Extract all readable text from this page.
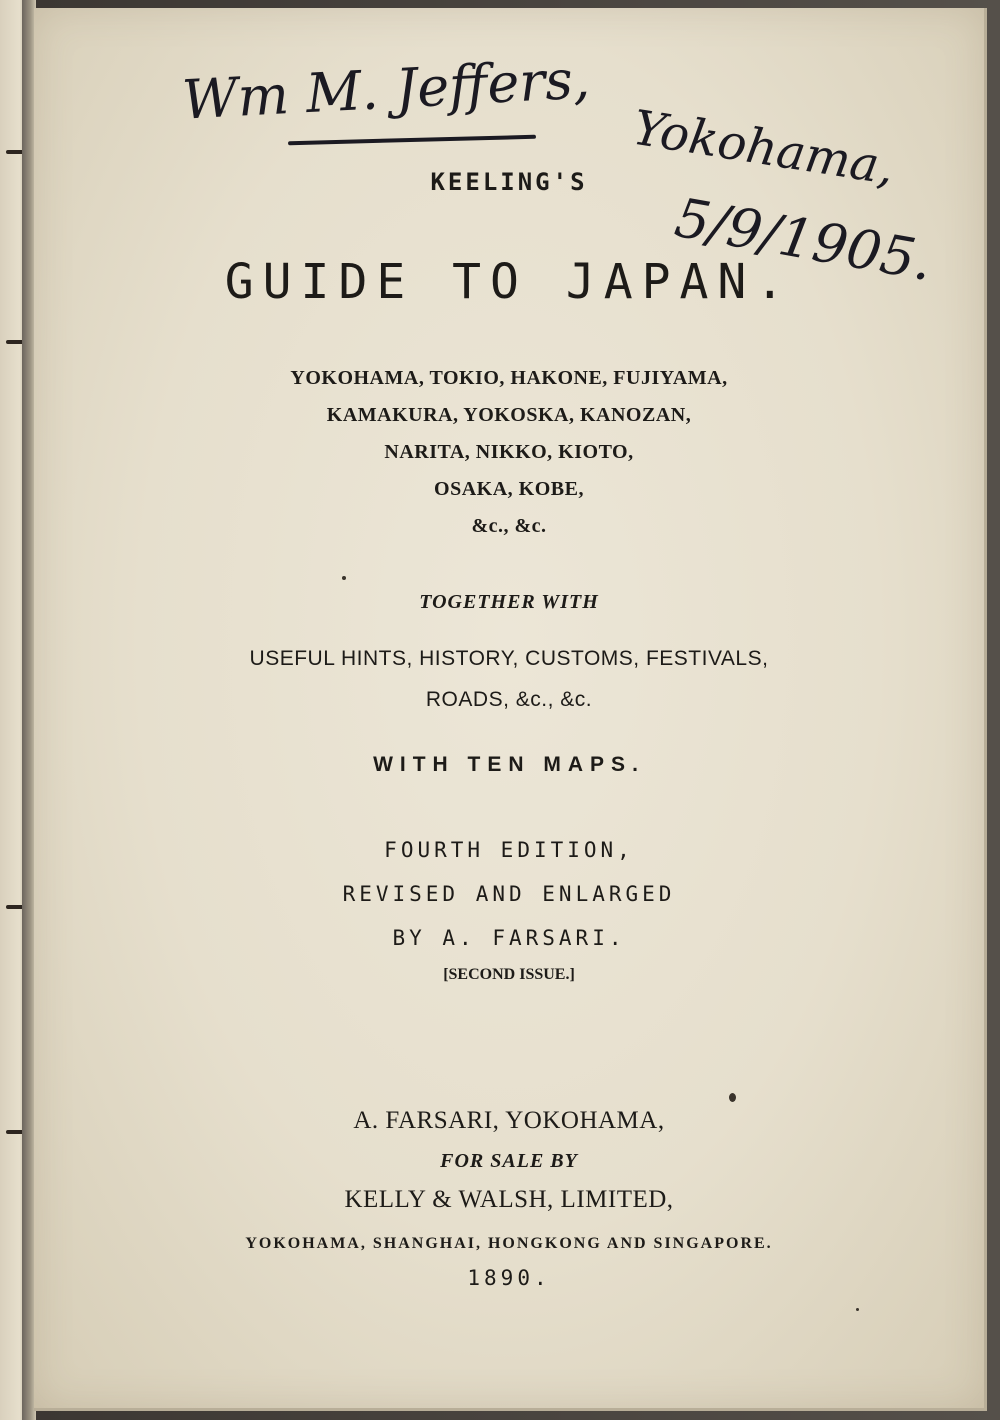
Wm M. Jeffers,
Yokohama,
5/9/1905.
KEELING'S
GUIDE TO JAPAN.
YOKOHAMA, TOKIO, HAKONE, FUJIYAMA,
KAMAKURA, YOKOSKA, KANOZAN,
NARITA, NIKKO, KIOTO,
OSAKA, KOBE,
&c., &c.
TOGETHER WITH
USEFUL HINTS, HISTORY, CUSTOMS, FESTIVALS,
ROADS, &c., &c.
WITH TEN MAPS.
FOURTH EDITION,
REVISED AND ENLARGED
BY A. FARSARI.
[SECOND ISSUE.]
A. FARSARI, YOKOHAMA,
FOR SALE BY
KELLY & WALSH, LIMITED,
YOKOHAMA, SHANGHAI, HONGKONG AND SINGAPORE.
1890.
